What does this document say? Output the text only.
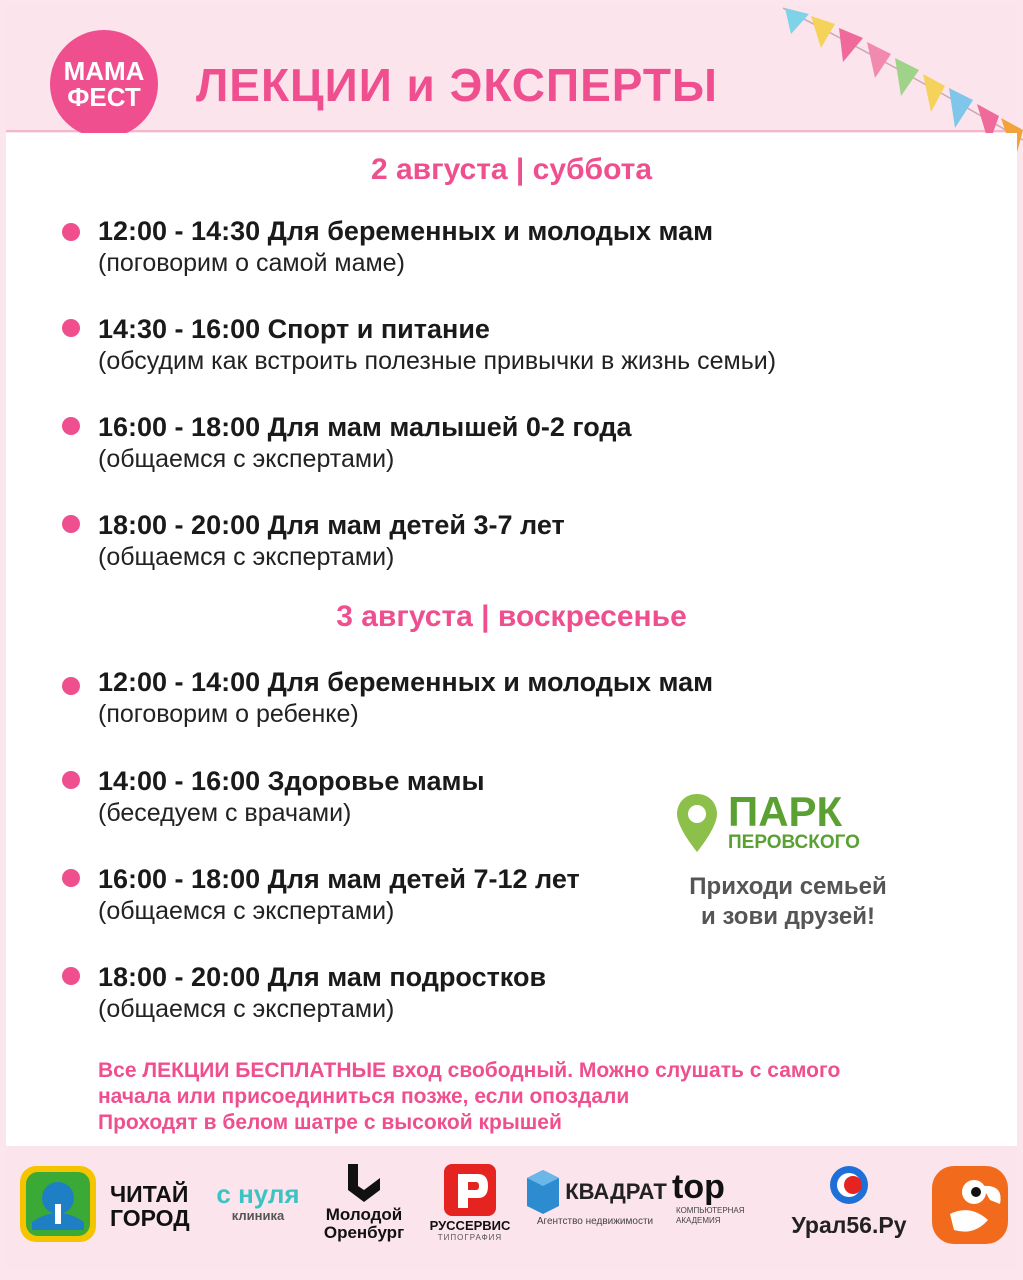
МАМА
ФЕСТ ЛЕКЦИИ и ЭКСПЕРТЫ
2 августа | суббота
12:00 - 14:30 Для беременных и молодых мам
(поговорим о самой маме)
14:30 - 16:00 Спорт и питание
(обсудим как встроить полезные привычки в жизнь семьи)
16:00 - 18:00 Для мам малышей 0-2 года
(общаемся с экспертами)
18:00 - 20:00 Для мам детей 3-7 лет
(общаемся с экспертами)
3 августа | воскресенье
12:00 - 14:00 Для беременных и молодых мам
(поговорим о ребенке)
14:00 - 16:00 Здоровье мамы
(беседуем с врачами)
16:00 - 18:00 Для мам детей 7-12 лет
(общаемся с экспертами)
18:00 - 20:00 Для мам подростков
(общаемся с экспертами)
ПАРК
ПЕРОВСКОГО
Приходи семьей
и зови друзей!
Все ЛЕКЦИИ БЕСПЛАТНЫЕ вход свободный. Можно слушать с самого
начала или присоединиться позже, если опоздали
Проходят в белом шатре с высокой крышей
ЧИТАЙ
ГОРОД
с нуля
клиника Молодой
Оренбург РУССЕРВИС
ТИПОГРАФИЯ
КВАДРАТ
Агентство недвижимости
top
КОМПЬЮТЕРНАЯ
АКАДЕМИЯ	Урал56.Ру
